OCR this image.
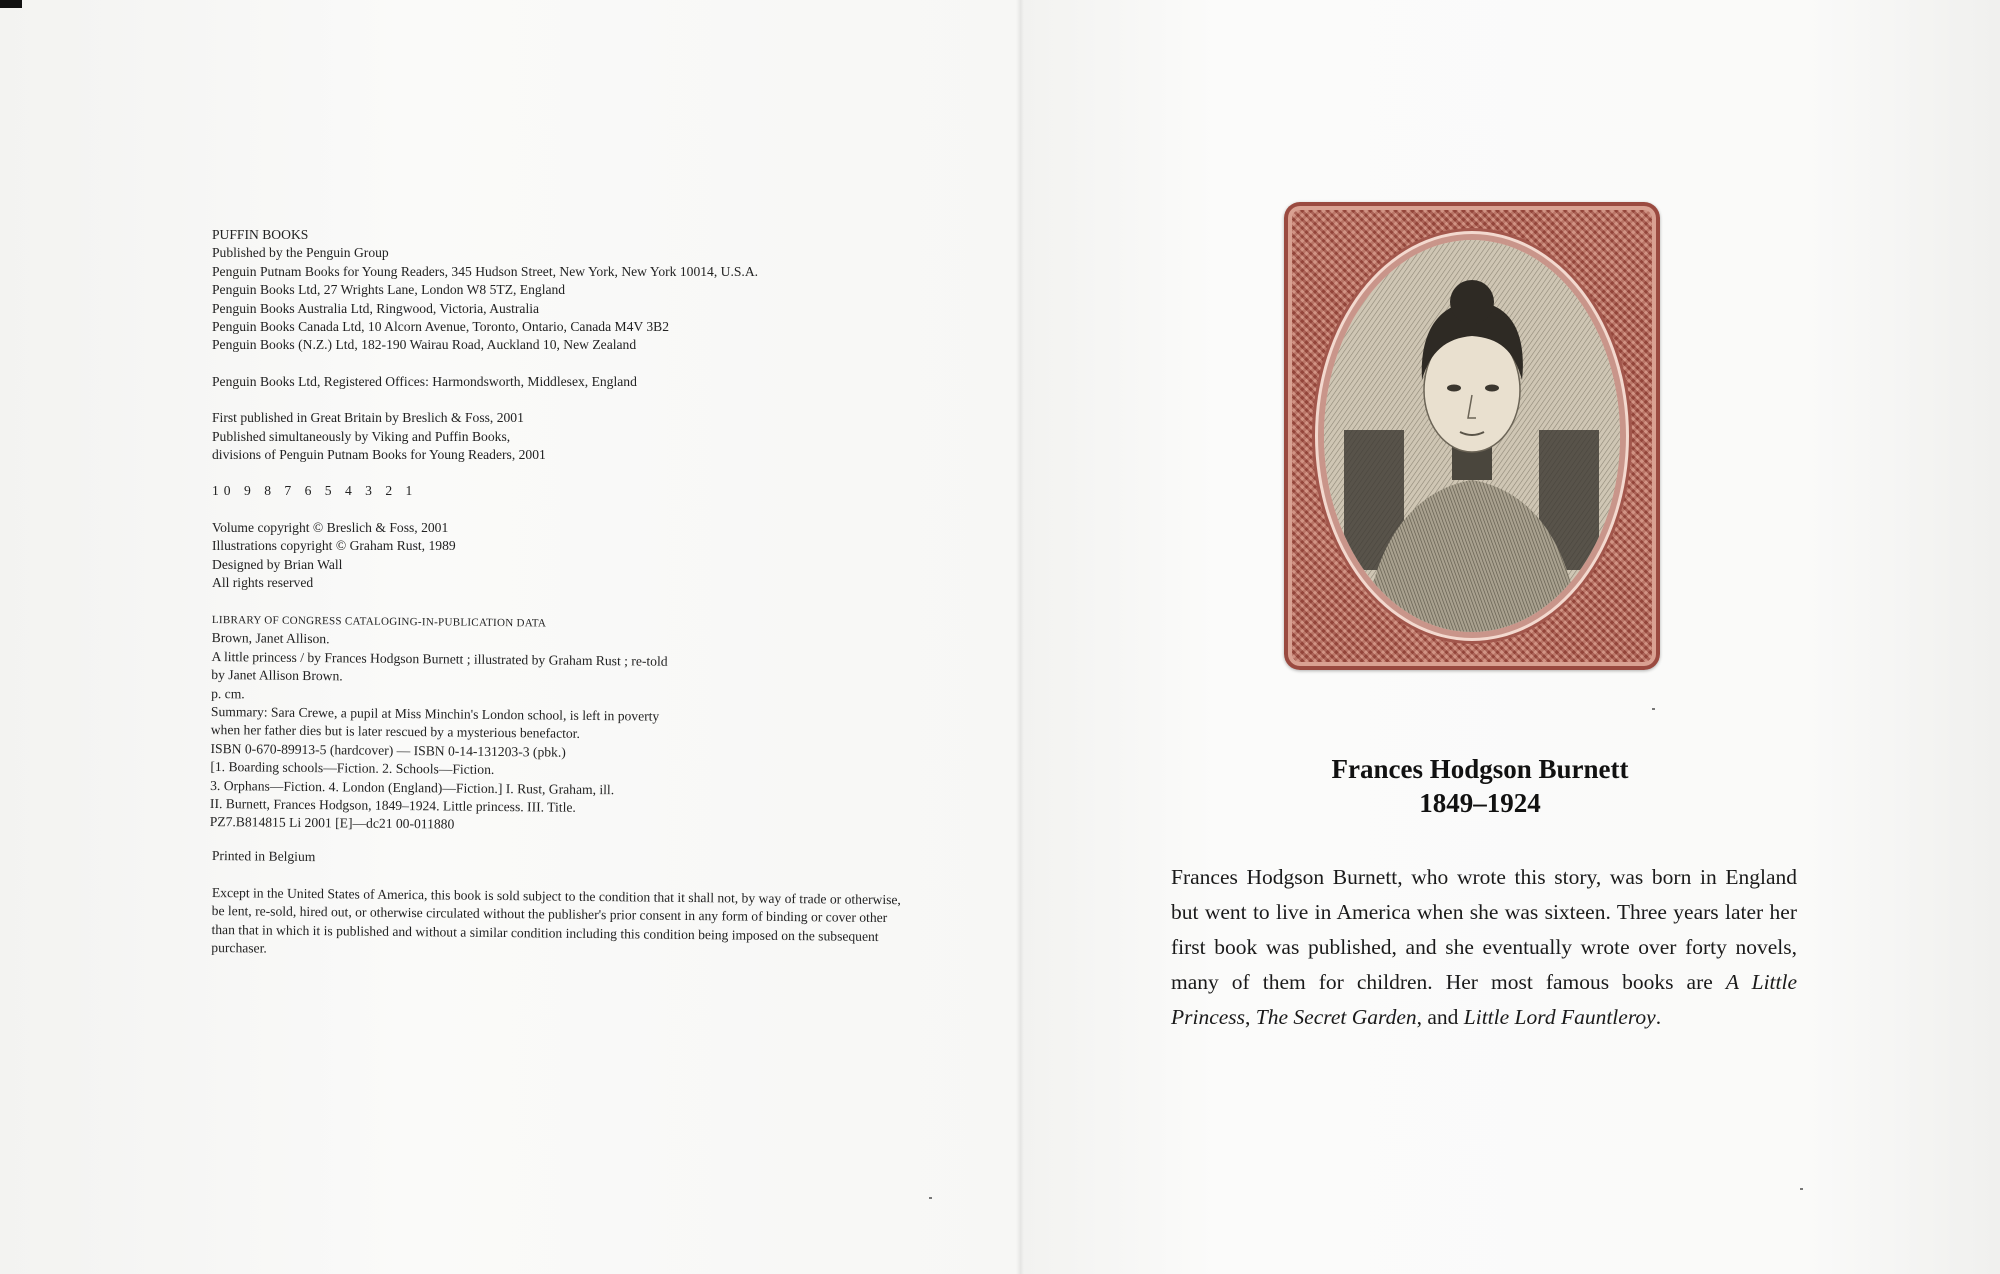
PUFFIN BOOKS

Published by the Penguin Group

Penguin Putnam Books for Young Readers, 345 Hudson Street, New York, New York 10014, U.S.A.

Penguin Books Ltd, 27 Wrights Lane, London W8 5TZ, England

Penguin Books Australia Ltd, Ringwood, Victoria, Australia

Penguin Books Canada Ltd, 10 Alcorn Avenue, Toronto, Ontario, Canada M4V 3B2

Penguin Books (N.Z.) Ltd, 182-190 Wairau Road, Auckland 10, New Zealand

Penguin Books Ltd, Registered Offices: Harmondsworth, Middlesex, England

First published in Great Britain by Breslich & Foss, 2001

Published simultaneously by Viking and Puffin Books,

divisions of Penguin Putnam Books for Young Readers, 2001

10 9 8 7 6 5 4 3 2 1

Volume copyright © Breslich & Foss, 2001

Illustrations copyright © Graham Rust, 1989

Designed by Brian Wall

All rights reserved

LIBRARY OF CONGRESS CATALOGING-IN-PUBLICATION DATA

Brown, Janet Allison.

A little princess / by Frances Hodgson Burnett ; illustrated by Graham Rust ; re-told by Janet Allison Brown.

p. cm.

Summary: Sara Crewe, a pupil at Miss Minchin's London school, is left in poverty when her father dies but is later rescued by a mysterious benefactor.

ISBN 0-670-89913-5 (hardcover) — ISBN 0-14-131203-3 (pbk.)

[1. Boarding schools—Fiction. 2. Schools—Fiction.

3. Orphans—Fiction. 4. London (England)—Fiction.] I. Rust, Graham, ill.

II. Burnett, Frances Hodgson, 1849–1924. Little princess. III. Title.

PZ7.B814815 Li 2001 [E]—dc21 00-011880

Printed in Belgium

Except in the United States of America, this book is sold subject to the condition that it shall not, by way of trade or otherwise, be lent, re-sold, hired out, or otherwise circulated without the publisher's prior consent in any form of binding or cover other than that in which it is published and without a similar condition including this condition being imposed on the subsequent purchaser.

Frances Hodgson Burnett
1849–1924
Frances Hodgson Burnett, who wrote this story, was born in England but went to live in America when she was sixteen. Three years later her first book was published, and she eventually wrote over forty novels, many of them for children. Her most famous books are A Little Princess, The Secret Garden, and Little Lord Fauntleroy.
